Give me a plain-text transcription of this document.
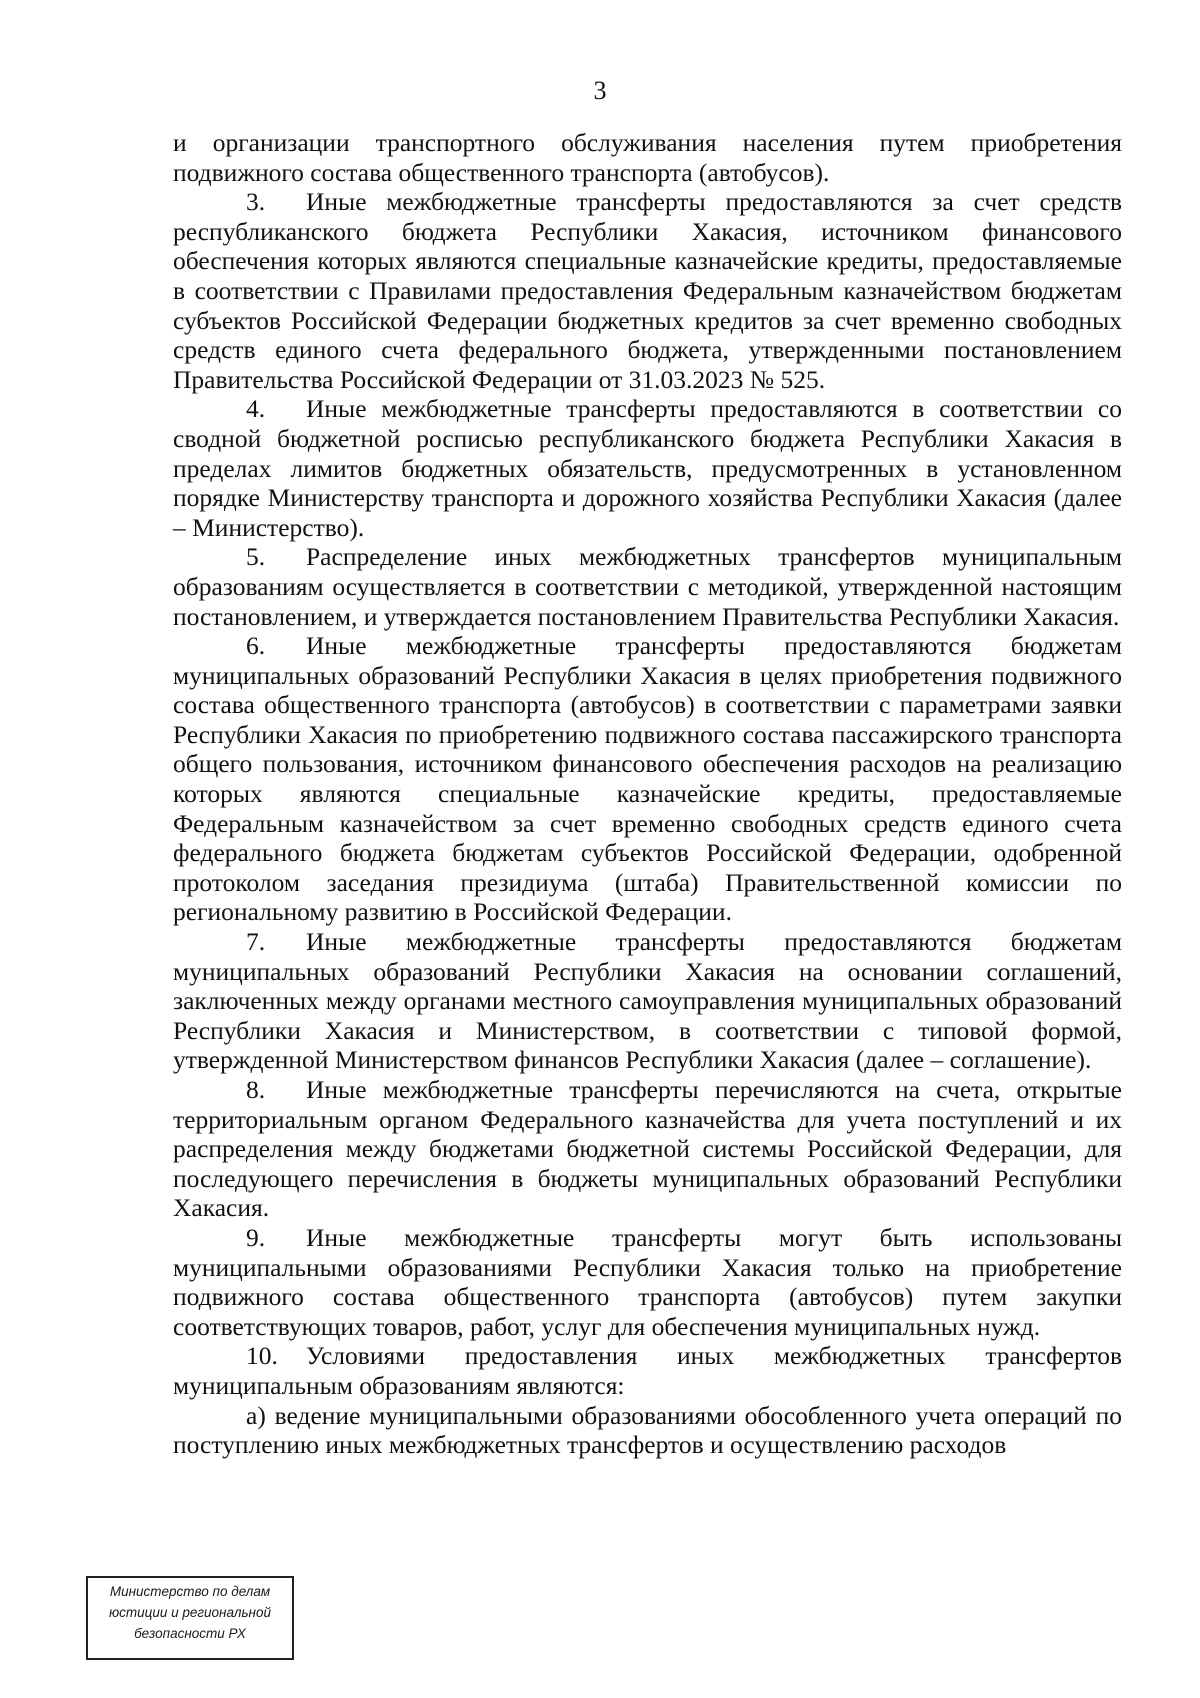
3

и организации транспортного обслуживания населения путем приобретения подвижного состава общественного транспорта (автобусов).

3. Иные межбюджетные трансферты предоставляются за счет средств республиканского бюджета Республики Хакасия, источником финансового обеспечения которых являются специальные казначейские кредиты, предоставляемые в соответствии с Правилами предоставления Федеральным казначейством бюджетам субъектов Российской Федерации бюджетных кредитов за счет временно свободных средств единого счета федерального бюджета, утвержденными постановлением Правительства Российской Федерации от 31.03.2023 № 525.

4. Иные межбюджетные трансферты предоставляются в соответствии со сводной бюджетной росписью республиканского бюджета Республики Хакасия в пределах лимитов бюджетных обязательств, предусмотренных в установленном порядке Министерству транспорта и дорожного хозяйства Республики Хакасия (далее – Министерство).

5. Распределение иных межбюджетных трансфертов муниципальным образованиям осуществляется в соответствии с методикой, утвержденной настоящим постановлением, и утверждается постановлением Правительства Республики Хакасия.

6. Иные межбюджетные трансферты предоставляются бюджетам муниципальных образований Республики Хакасия в целях приобретения подвижного состава общественного транспорта (автобусов) в соответствии с параметрами заявки Республики Хакасия по приобретению подвижного состава пассажирского транспорта общего пользования, источником финансового обеспечения расходов на реализацию которых являются специальные казначейские кредиты, предоставляемые Федеральным казначейством за счет временно свободных средств единого счета федерального бюджета бюджетам субъектов Российской Федерации, одобренной протоколом заседания президиума (штаба) Правительственной комиссии по региональному развитию в Российской Федерации.

7. Иные межбюджетные трансферты предоставляются бюджетам муниципальных образований Республики Хакасия на основании соглашений, заключенных между органами местного самоуправления муниципальных образований Республики Хакасия и Министерством, в соответствии с типовой формой, утвержденной Министерством финансов Республики Хакасия (далее – соглашение).

8. Иные межбюджетные трансферты перечисляются на счета, открытые территориальным органом Федерального казначейства для учета поступлений и их распределения между бюджетами бюджетной системы Российской Федерации, для последующего перечисления в бюджеты муниципальных образований Республики Хакасия.

9. Иные межбюджетные трансферты могут быть использованы муниципальными образованиями Республики Хакасия только на приобретение подвижного состава общественного транспорта (автобусов) путем закупки соответствующих товаров, работ, услуг для обеспечения муниципальных нужд.

10. Условиями предоставления иных межбюджетных трансфертов муниципальным образованиям являются:

а) ведение муниципальными образованиями обособленного учета операций по поступлению иных межбюджетных трансфертов и осуществлению расходов

Министерство по делам
юстиции и региональной
безопасности РХ
